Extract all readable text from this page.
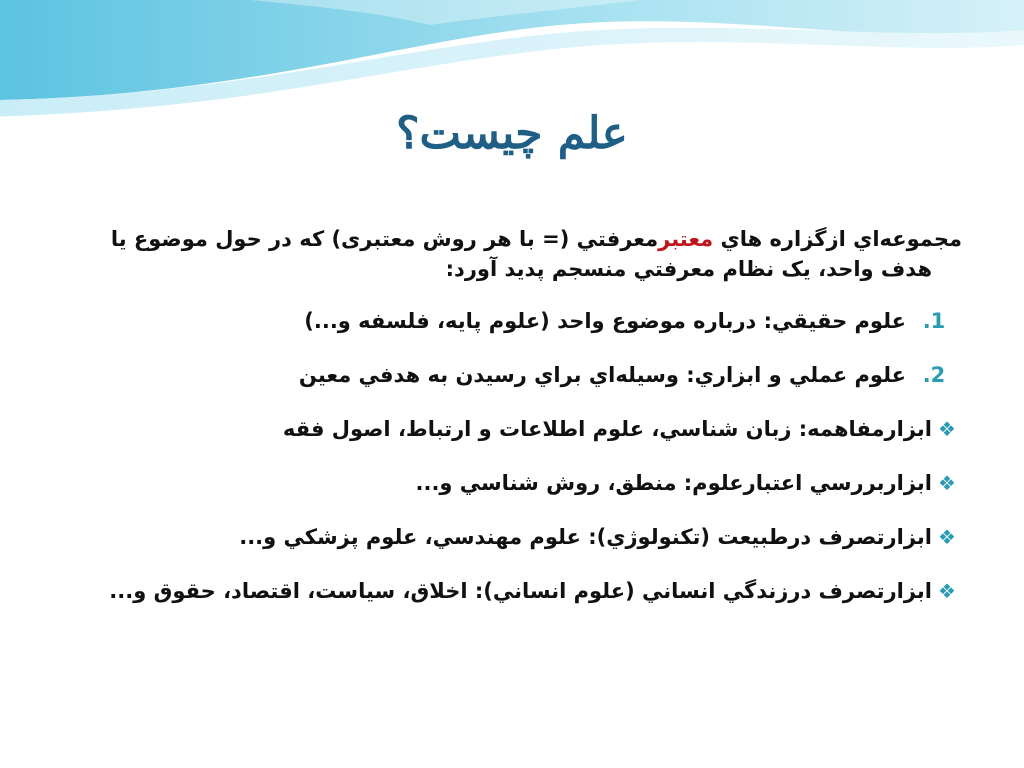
علم چيست؟
مجموعه‌اي ازگزاره هاي معتبرمعرفتي (= با هر روش معتبری) که در حول موضوع يا
هدف واحد، یک نظام معرفتي منسجم پديد آورد:
1.
علوم حقيقي: درباره موضوع واحد (علوم پايه، فلسفه و...)
2.
علوم عملي و ابزاري: وسيله‌اي براي رسيدن به هدفي معين
❖
ابزارمفاهمه: زبان شناسي، علوم اطلاعات و ارتباط، اصول فقه
❖
ابزاربررسي اعتبارعلوم: منطق، روش شناسي و...
❖
ابزارتصرف درطبيعت (تکنولوژي): علوم مهندسي، علوم پزشکي و...
❖
ابزارتصرف درزندگي انساني (علوم انساني): اخلاق، سياست، اقتصاد، حقوق و...
